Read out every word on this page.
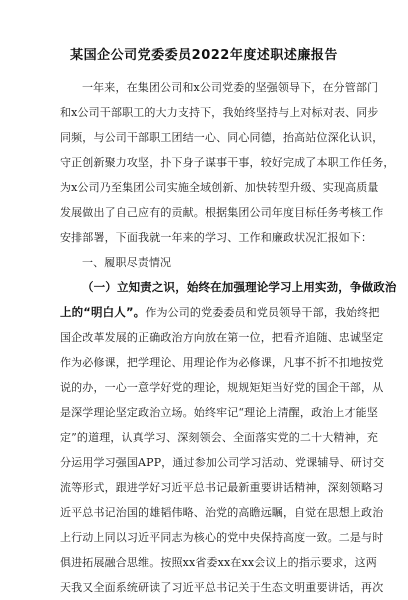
某国企公司党委委员2022年度述职述廉报告
一年来，在集团公司和x公司党委的坚强领导下，在分管部门
和x公司干部职工的大力支持下，我始终坚持与上对标对表、同步
同频，与公司干部职工团结一心、同心同德，抬高站位深化认识，
守正创新聚力攻坚，扑下身子谋事干事，较好完成了本职工作任务，
为x公司乃至集团公司实施全域创新、加快转型升级、实现高质量
发展做出了自己应有的贡献。根据集团公司年度目标任务考核工作
安排部署，下面我就一年来的学习、工作和廉政状况汇报如下：
一、履职尽责情况
（一）立知责之识，始终在加强理论学习上用实劲，争做政治
上的“明白人”。作为公司的党委委员和党员领导干部，我始终把
国企改革发展的正确政治方向放在第一位，把看齐追随、忠诚坚定
作为必修课，把学理论、用理论作为必修课，凡事不折不扣地按党
说的办，一心一意学好党的理论，规规矩矩当好党的国企干部，从
是深学理论坚定政治立场。始终牢记“理论上清醒，政治上才能坚
定”的道理，认真学习、深刻领会、全面落实党的二十大精神，充
分运用学习强国APP，通过参加公司学习活动、党课辅导、研讨交
流等形式，跟进学好习近平总书记最新重要讲话精神，深刻领略习
近平总书记治国的雄韬伟略、治党的高瞻远瞩，自觉在思想上政治
上行动上同以习近平同志为核心的党中央保持高度一致。二是与时
俱进拓展融合思维。按照xx省委xx在xx会议上的指示要求，这两
天我又全面系统研读了习近平总书记关于生态文明重要讲话，再次
